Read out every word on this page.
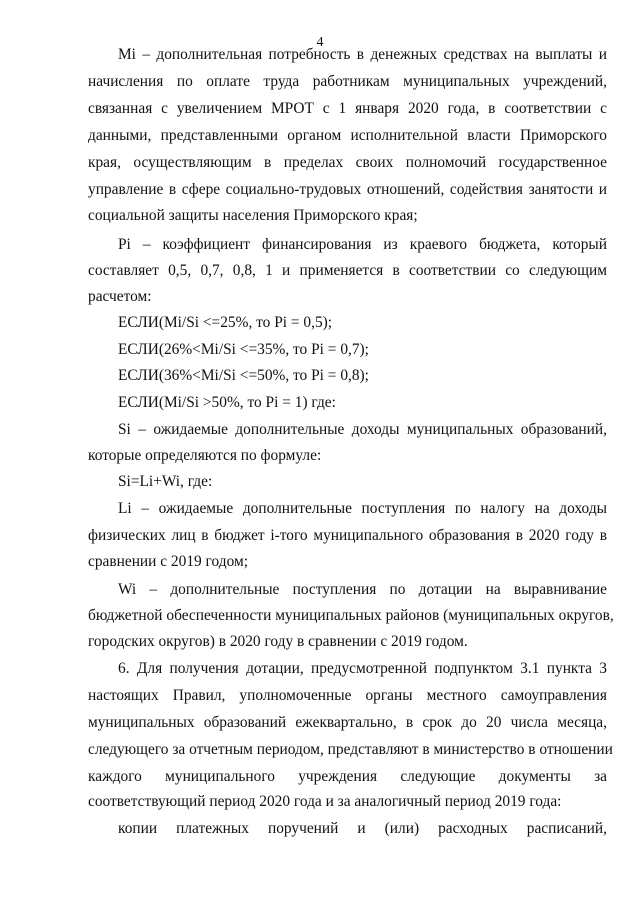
4
Mi – дополнительная потребность в денежных средствах на выплаты и
начисления по оплате труда работникам муниципальных учреждений,
связанная с увеличением МРОТ с 1 января 2020 года, в соответствии с
данными, представленными органом исполнительной власти Приморского
края, осуществляющим в пределах своих полномочий государственное
управление в сфере социально-трудовых отношений, содействия занятости и
социальной защиты населения Приморского края;
Pi – коэффициент финансирования из краевого бюджета, который
составляет 0,5, 0,7, 0,8, 1 и применяется в соответствии со следующим
расчетом:
ЕСЛИ(Mi/Si <=25%, то Pi = 0,5);
ЕСЛИ(26%<Mi/Si <=35%, то Pi = 0,7);
ЕСЛИ(36%<Mi/Si <=50%, то Pi = 0,8);
ЕСЛИ(Mi/Si >50%, то Pi = 1) где:
Si – ожидаемые дополнительные доходы муниципальных образований,
которые определяются по формуле:
Si=Li+Wi, где:
Li – ожидаемые дополнительные поступления по налогу на доходы
физических лиц в бюджет i-того муниципального образования в 2020 году в
сравнении с 2019 годом;
Wi – дополнительные поступления по дотации на выравнивание
бюджетной обеспеченности муниципальных районов (муниципальных округов,
городских округов) в 2020 году в сравнении с 2019 годом.
6. Для получения дотации, предусмотренной подпунктом 3.1 пункта 3
настоящих Правил, уполномоченные органы местного самоуправления
муниципальных образований ежеквартально, в срок до 20 числа месяца,
следующего за отчетным периодом, представляют в министерство в отношении
каждого муниципального учреждения следующие документы за
соответствующий период 2020 года и за аналогичный период 2019 года:
копии платежных поручений и (или) расходных расписаний,
